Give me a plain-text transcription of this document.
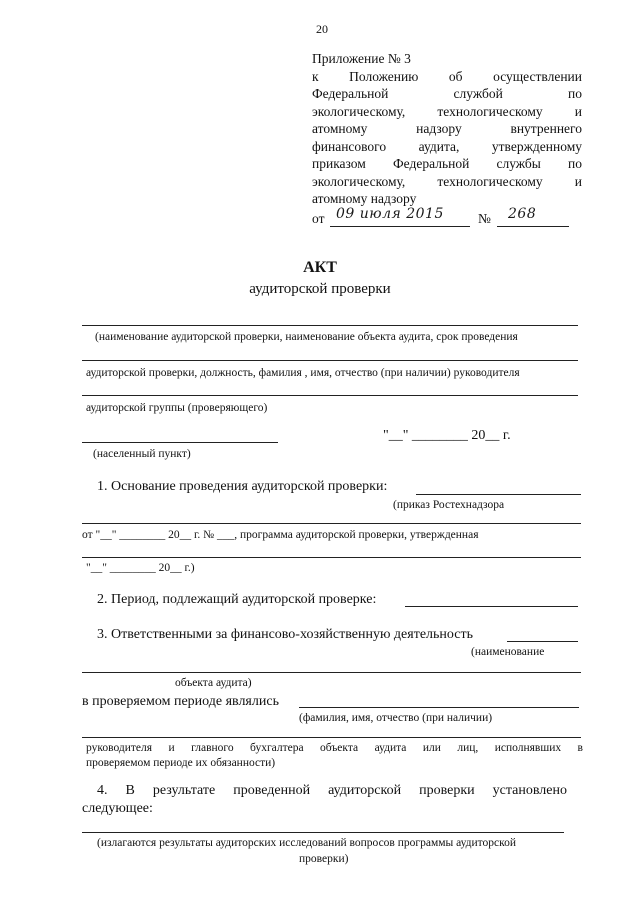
20
Приложение № 3
к Положению об осуществлении
Федеральной службой по
экологическому, технологическому и
атомному надзору внутреннего
финансового аудита, утвержденному
приказом Федеральной службы по
экологическому, технологическому и
атомному надзору
от 09 июля 2015	№ 268
АКТ
аудиторской проверки
(наименование аудиторской проверки, наименование объекта аудита, срок проведения
аудиторской проверки, должность, фамилия , имя, отчество (при наличии) руководителя
аудиторской группы (проверяющего)
"__" ________ 20__ г.
(населенный пункт)
1. Основание проведения аудиторской проверки:
(приказ Ростехнадзора
от "__" ________ 20__ г. № ___, программа аудиторской проверки, утвержденная
"__" ________ 20__ г.)
2. Период, подлежащий аудиторской проверке:
3. Ответственными за финансово-хозяйственную деятельность
(наименование
объекта аудита)
в проверяемом периоде являлись
(фамилия, имя, отчество (при наличии)
руководителя и главного бухгалтера объекта аудита или лиц, исполнявших в
проверяемом периоде их обязанности)
4. В результате проведенной аудиторской проверки установлено
следующее:
(излагаются результаты аудиторских исследований вопросов программы аудиторской
проверки)
